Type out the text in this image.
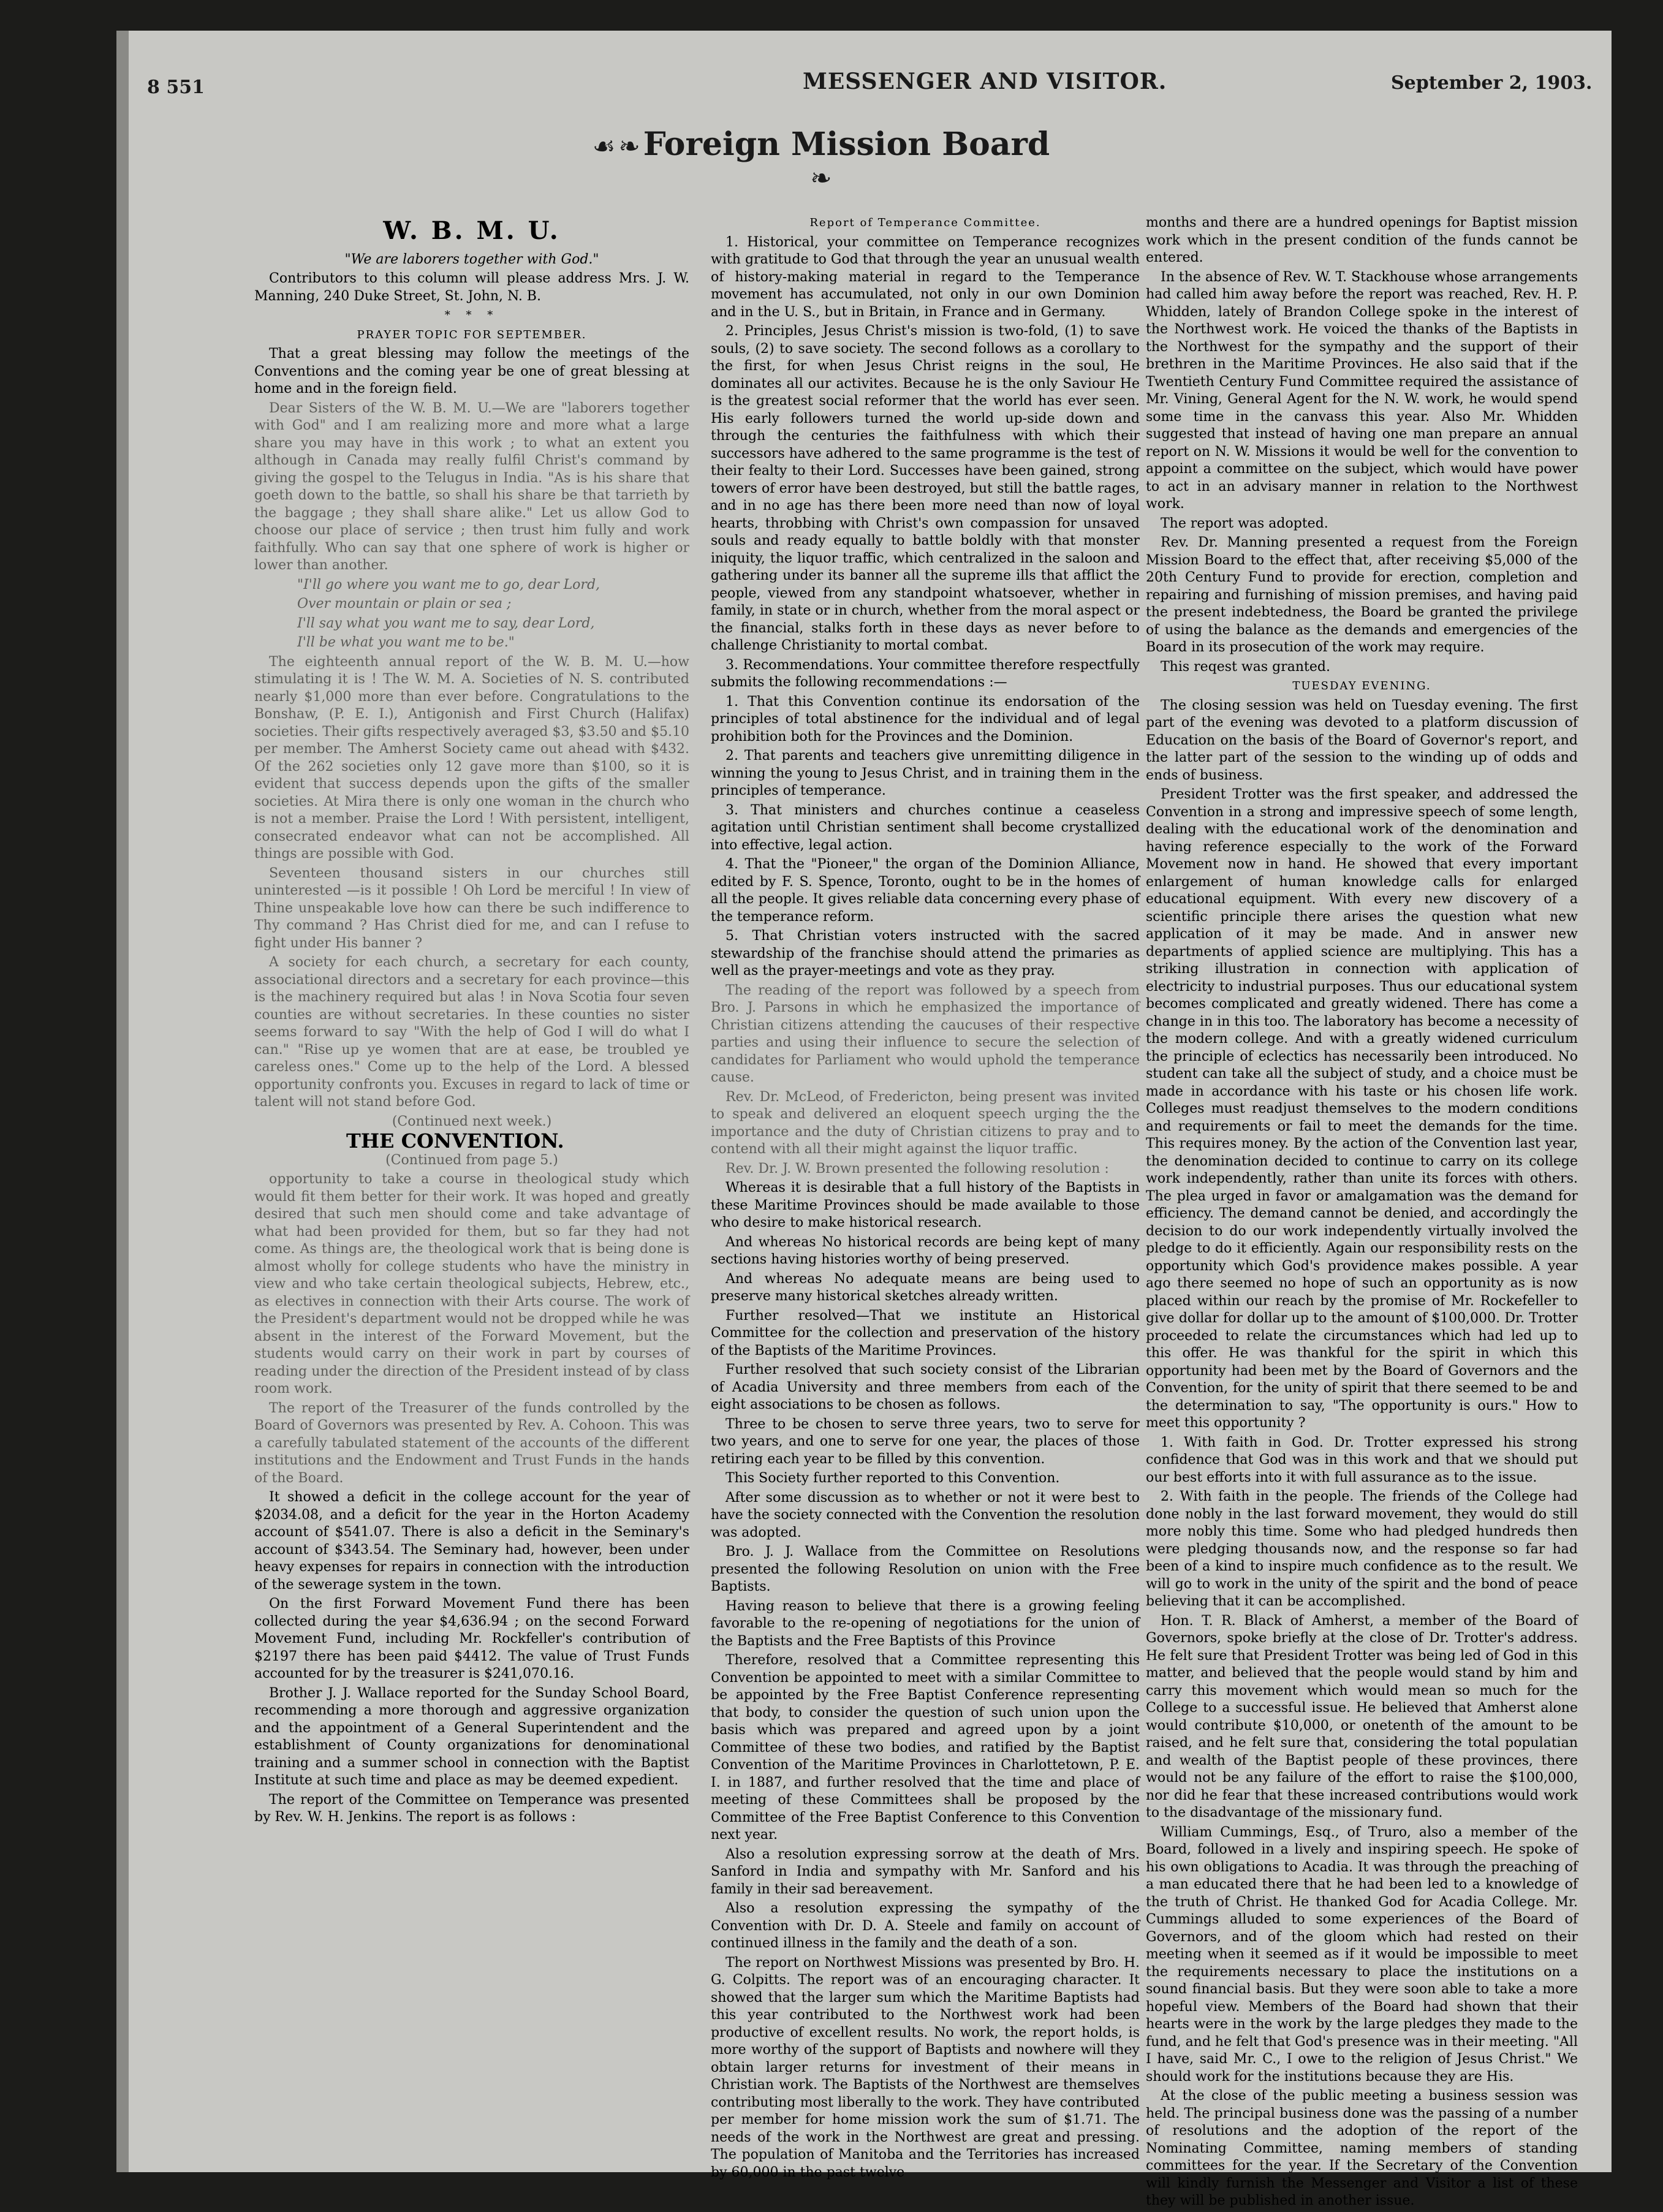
8 551	MESSENGER AND VISITOR.	September 2, 1903.
☙ ❧ Foreign Mission Board ❧
W. B. M. U.

"We are laborers together with God."

Contributors to this column will please address Mrs. J. W. Manning, 240 Duke Street, St. John, N. B.

* * *

PRAYER TOPIC FOR SEPTEMBER.

That a great blessing may follow the meetings of the Conventions and the coming year be one of great blessing at home and in the foreign field.

Dear Sisters of the W. B. M. U.—We are "laborers together with God" and I am realizing more and more what a large share you may have in this work ; to what an extent you although in Canada may really fulfil Christ's command by giving the gospel to the Telugus in India. "As is his share that goeth down to the battle, so shall his share be that tarrieth by the baggage ; they shall share alike." Let us allow God to choose our place of service ; then trust him fully and work faithfully. Who can say that one sphere of work is higher or lower than another.

"I'll go where you want me to go, dear Lord,

Over mountain or plain or sea ;

I'll say what you want me to say, dear Lord,

I'll be what you want me to be."

The eighteenth annual report of the W. B. M. U.—how stimulating it is ! The W. M. A. Societies of N. S. contributed nearly $1,000 more than ever before. Congratulations to the Bonshaw, (P. E. I.), Antigonish and First Church (Halifax) societies. Their gifts respectively averaged $3, $3.50 and $5.10 per member. The Amherst Society came out ahead with $432. Of the 262 societies only 12 gave more than $100, so it is evident that success depends upon the gifts of the smaller societies. At Mira there is only one woman in the church who is not a member. Praise the Lord ! With persistent, intelligent, consecrated endeavor what can not be accomplished. All things are possible with God.

Seventeen thousand sisters in our churches still uninterested —is it possible ! Oh Lord be merciful ! In view of Thine unspeakable love how can there be such indifference to Thy command ? Has Christ died for me, and can I refuse to fight under His banner ?

A society for each church, a secretary for each county, associational directors and a secretary for each province—this is the machinery required but alas ! in Nova Scotia four seven counties are without secretaries. In these counties no sister seems forward to say "With the help of God I will do what I can." "Rise up ye women that are at ease, be troubled ye careless ones." Come up to the help of the Lord. A blessed opportunity confronts you. Excuses in regard to lack of time or talent will not stand before God.

(Continued next week.)

THE CONVENTION.

(Continued from page 5.)

opportunity to take a course in theological study which would fit them better for their work. It was hoped and greatly desired that such men should come and take advantage of what had been provided for them, but so far they had not come. As things are, the theological work that is being done is almost wholly for college students who have the ministry in view and who take certain theological subjects, Hebrew, etc., as electives in connection with their Arts course. The work of the President's department would not be dropped while he was absent in the interest of the Forward Movement, but the students would carry on their work in part by courses of reading under the direction of the President instead of by class room work.

The report of the Treasurer of the funds controlled by the Board of Governors was presented by Rev. A. Cohoon. This was a carefully tabulated statement of the accounts of the different institutions and the Endowment and Trust Funds in the hands of the Board.

It showed a deficit in the college account for the year of $2034.08, and a deficit for the year in the Horton Academy account of $541.07. There is also a deficit in the Seminary's account of $343.54. The Seminary had, however, been under heavy expenses for repairs in connection with the introduction of the sewerage system in the town.

On the first Forward Movement Fund there has been collected during the year $4,636.94 ; on the second Forward Movement Fund, including Mr. Rockfeller's contribution of $2197 there has been paid $4412. The value of Trust Funds accounted for by the treasurer is $241,070.16.

Brother J. J. Wallace reported for the Sunday School Board, recommending a more thorough and aggressive organization and the appointment of a General Superintendent and the establishment of County organizations for denominational training and a summer school in connection with the Baptist Institute at such time and place as may be deemed expedient.

The report of the Committee on Temperance was presented by Rev. W. H. Jenkins. The report is as follows :

Report of Temperance Committee.

1. Historical, your committee on Temperance recognizes with gratitude to God that through the year an unusual wealth of history-making material in regard to the Temperance movement has accumulated, not only in our own Dominion and in the U. S., but in Britain, in France and in Germany.

2. Principles, Jesus Christ's mission is two-fold, (1) to save souls, (2) to save society. The second follows as a corollary to the first, for when Jesus Christ reigns in the soul, He dominates all our activites. Because he is the only Saviour He is the greatest social reformer that the world has ever seen. His early followers turned the world up-side down and through the centuries the faithfulness with which their successors have adhered to the same programme is the test of their fealty to their Lord. Successes have been gained, strong towers of error have been destroyed, but still the battle rages, and in no age has there been more need than now of loyal hearts, throbbing with Christ's own compassion for unsaved souls and ready equally to battle boldly with that monster iniquity, the liquor traffic, which centralized in the saloon and gathering under its banner all the supreme ills that afflict the people, viewed from any standpoint whatsoever, whether in family, in state or in church, whether from the moral aspect or the financial, stalks forth in these days as never before to challenge Christianity to mortal combat.

3. Recommendations. Your committee therefore respectfully submits the following recommendations :—

1. That this Convention continue its endorsation of the principles of total abstinence for the individual and of legal prohibition both for the Provinces and the Dominion.

2. That parents and teachers give unremitting diligence in winning the young to Jesus Christ, and in training them in the principles of temperance.

3. That ministers and churches continue a ceaseless agitation until Christian sentiment shall become crystallized into effective, legal action.

4. That the "Pioneer," the organ of the Dominion Alliance, edited by F. S. Spence, Toronto, ought to be in the homes of all the people. It gives reliable data concerning every phase of the temperance reform.

5. That Christian voters instructed with the sacred stewardship of the franchise should attend the primaries as well as the prayer-meetings and vote as they pray.

The reading of the report was followed by a speech from Bro. J. Parsons in which he emphasized the importance of Christian citizens attending the caucuses of their respective parties and using their influence to secure the selection of candidates for Parliament who would uphold the temperance cause.

Rev. Dr. McLeod, of Fredericton, being present was invited to speak and delivered an eloquent speech urging the the importance and the duty of Christian citizens to pray and to contend with all their might against the liquor traffic.

Rev. Dr. J. W. Brown presented the following resolution :

Whereas it is desirable that a full history of the Baptists in these Maritime Provinces should be made available to those who desire to make historical research.

And whereas No historical records are being kept of many sections having histories worthy of being preserved.

And whereas No adequate means are being used to preserve many historical sketches already written.

Further resolved—That we institute an Historical Committee for the collection and preservation of the history of the Baptists of the Maritime Provinces.

Further resolved that such society consist of the Librarian of Acadia University and three members from each of the eight associations to be chosen as follows.

Three to be chosen to serve three years, two to serve for two years, and one to serve for one year, the places of those retiring each year to be filled by this convention.

This Society further reported to this Convention.

After some discussion as to whether or not it were best to have the society connected with the Convention the resolution was adopted.

Bro. J. J. Wallace from the Committee on Resolutions presented the following Resolution on union with the Free Baptists.

Having reason to believe that there is a growing feeling favorable to the re-opening of negotiations for the union of the Baptists and the Free Baptists of this Province

Therefore, resolved that a Committee representing this Convention be appointed to meet with a similar Committee to be appointed by the Free Baptist Conference representing that body, to consider the question of such union upon the basis which was prepared and agreed upon by a joint Committee of these two bodies, and ratified by the Baptist Convention of the Maritime Provinces in Charlottetown, P. E. I. in 1887, and further resolved that the time and place of meeting of these Committees shall be proposed by the Committee of the Free Baptist Conference to this Convention next year.

Also a resolution expressing sorrow at the death of Mrs. Sanford in India and sympathy with Mr. Sanford and his family in their sad bereavement.

Also a resolution expressing the sympathy of the Convention with Dr. D. A. Steele and family on account of continued illness in the family and the death of a son.

The report on Northwest Missions was presented by Bro. H. G. Colpitts. The report was of an encouraging character. It showed that the larger sum which the Maritime Baptists had this year contributed to the Northwest work had been productive of excellent results. No work, the report holds, is more worthy of the support of Baptists and nowhere will they obtain larger returns for investment of their means in Christian work. The Baptists of the Northwest are themselves contributing most liberally to the work. They have contributed per member for home mission work the sum of $1.71. The needs of the work in the Northwest are great and pressing. The population of Manitoba and the Territories has increased by 60,000 in the past twelve

months and there are a hundred openings for Baptist mission work which in the present condition of the funds cannot be entered.

In the absence of Rev. W. T. Stackhouse whose arrangements had called him away before the report was reached, Rev. H. P. Whidden, lately of Brandon College spoke in the interest of the Northwest work. He voiced the thanks of the Baptists in the Northwest for the sympathy and the support of their brethren in the Maritime Provinces. He also said that if the Twentieth Century Fund Committee required the assistance of Mr. Vining, General Agent for the N. W. work, he would spend some time in the canvass this year. Also Mr. Whidden suggested that instead of having one man prepare an annual report on N. W. Missions it would be well for the convention to appoint a committee on the subject, which would have power to act in an advisary manner in relation to the Northwest work.

The report was adopted.

Rev. Dr. Manning presented a request from the Foreign Mission Board to the effect that, after receiving $5,000 of the 20th Century Fund to provide for erection, completion and repairing and furnishing of mission premises, and having paid the present indebtedness, the Board be granted the privilege of using the balance as the demands and emergencies of the Board in its prosecution of the work may require.

This reqest was granted.

TUESDAY EVENING.

The closing session was held on Tuesday evening. The first part of the evening was devoted to a platform discussion of Education on the basis of the Board of Governor's report, and the latter part of the session to the winding up of odds and ends of business.

President Trotter was the first speaker, and addressed the Convention in a strong and impressive speech of some length, dealing with the educational work of the denomination and having reference especially to the work of the Forward Movement now in hand. He showed that every important enlargement of human knowledge calls for enlarged educational equipment. With every new discovery of a scientific principle there arises the question what new application of it may be made. And in answer new departments of applied science are multiplying. This has a striking illustration in connection with application of electricity to industrial purposes. Thus our educational system becomes complicated and greatly widened. There has come a change in in this too. The laboratory has become a necessity of the modern college. And with a greatly widened curriculum the principle of eclectics has necessarily been introduced. No student can take all the subject of study, and a choice must be made in accordance with his taste or his chosen life work. Colleges must readjust themselves to the modern conditions and requirements or fail to meet the demands for the time. This requires money. By the action of the Convention last year, the denomination decided to continue to carry on its college work independently, rather than unite its forces with others. The plea urged in favor or amalgamation was the demand for efficiency. The demand cannot be denied, and accordingly the decision to do our work independently virtually involved the pledge to do it efficiently. Again our responsibility rests on the opportunity which God's providence makes possible. A year ago there seemed no hope of such an opportunity as is now placed within our reach by the promise of Mr. Rockefeller to give dollar for dollar up to the amount of $100,000. Dr. Trotter proceeded to relate the circumstances which had led up to this offer. He was thankful for the spirit in which this opportunity had been met by the Board of Governors and the Convention, for the unity of spirit that there seemed to be and the determination to say, "The opportunity is ours." How to meet this opportunity ?

1. With faith in God. Dr. Trotter expressed his strong confidence that God was in this work and that we should put our best efforts into it with full assurance as to the issue.

2. With faith in the people. The friends of the College had done nobly in the last forward movement, they would do still more nobly this time. Some who had pledged hundreds then were pledging thousands now, and the response so far had been of a kind to inspire much confidence as to the result. We will go to work in the unity of the spirit and the bond of peace believing that it can be accomplished.

Hon. T. R. Black of Amherst, a member of the Board of Governors, spoke briefly at the close of Dr. Trotter's address. He felt sure that President Trotter was being led of God in this matter, and believed that the people would stand by him and carry this movement which would mean so much for the College to a successful issue. He believed that Amherst alone would contribute $10,000, or onetenth of the amount to be raised, and he felt sure that, considering the total populatian and wealth of the Baptist people of these provinces, there would not be any failure of the effort to raise the $100,000, nor did he fear that these increased contributions would work to the disadvantage of the missionary fund.

William Cummings, Esq., of Truro, also a member of the Board, followed in a lively and inspiring speech. He spoke of his own obligations to Acadia. It was through the preaching of a man educated there that he had been led to a knowledge of the truth of Christ. He thanked God for Acadia College. Mr. Cummings alluded to some experiences of the Board of Governors, and of the gloom which had rested on their meeting when it seemed as if it would be impossible to meet the requirements necessary to place the institutions on a sound financial basis. But they were soon able to take a more hopeful view. Members of the Board had shown that their hearts were in the work by the large pledges they made to the fund, and he felt that God's presence was in their meeting. "All I have, said Mr. C., I owe to the religion of Jesus Christ." We should work for the institutions because they are His.

At the close of the public meeting a business session was held. The principal business done was the passing of a number of resolutions and the adoption of the report of the Nominating Committee, naming members of standing committees for the year. If the Secretary of the Convention will kindly furnish the Messenger and Visitor a list of these they will be published in another issue.
